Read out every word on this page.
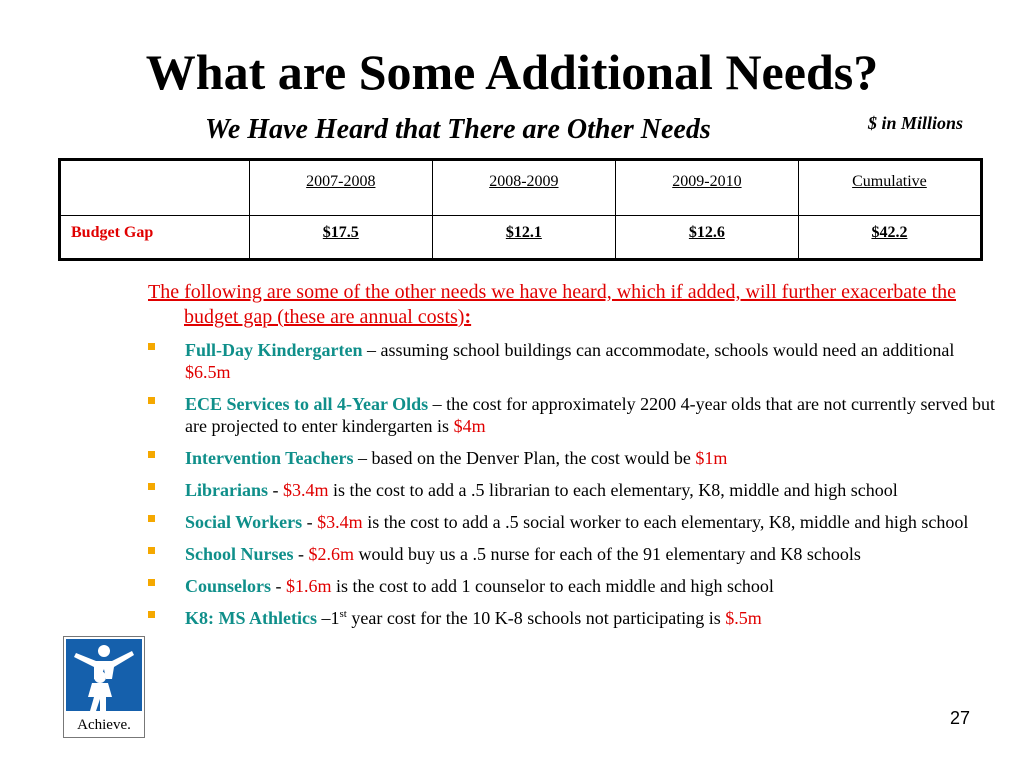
What are Some Additional Needs?
We Have Heard that There are Other Needs	$ in Millions
	2007-2008	2008-2009	2009-2010	Cumulative
Budget Gap	$17.5	$12.1	$12.6	$42.2

The following are some of the other needs we have heard, which if added, will further exacerbate the budget gap (these are annual costs):

Full-Day Kindergarten – assuming school buildings can accommodate, schools would need an additional $6.5m
ECE Services to all 4-Year Olds – the cost for approximately 2200 4-year olds that are not currently served but are projected to enter kindergarten is $4m
Intervention Teachers – based on the Denver Plan, the cost would be $1m
Librarians - $3.4m is the cost to add a .5 librarian to each elementary, K8, middle and high school
Social Workers - $3.4m is the cost to add a .5 social worker to each elementary, K8, middle and high school
School Nurses - $2.6m would buy us a .5 nurse for each of the 91 elementary and K8 schools
Counselors - $1.6m is the cost to add 1 counselor to each middle and high school
K8: MS Athletics –1st year cost for the 10 K-8 schools not participating is $.5m
Achieve.	27
